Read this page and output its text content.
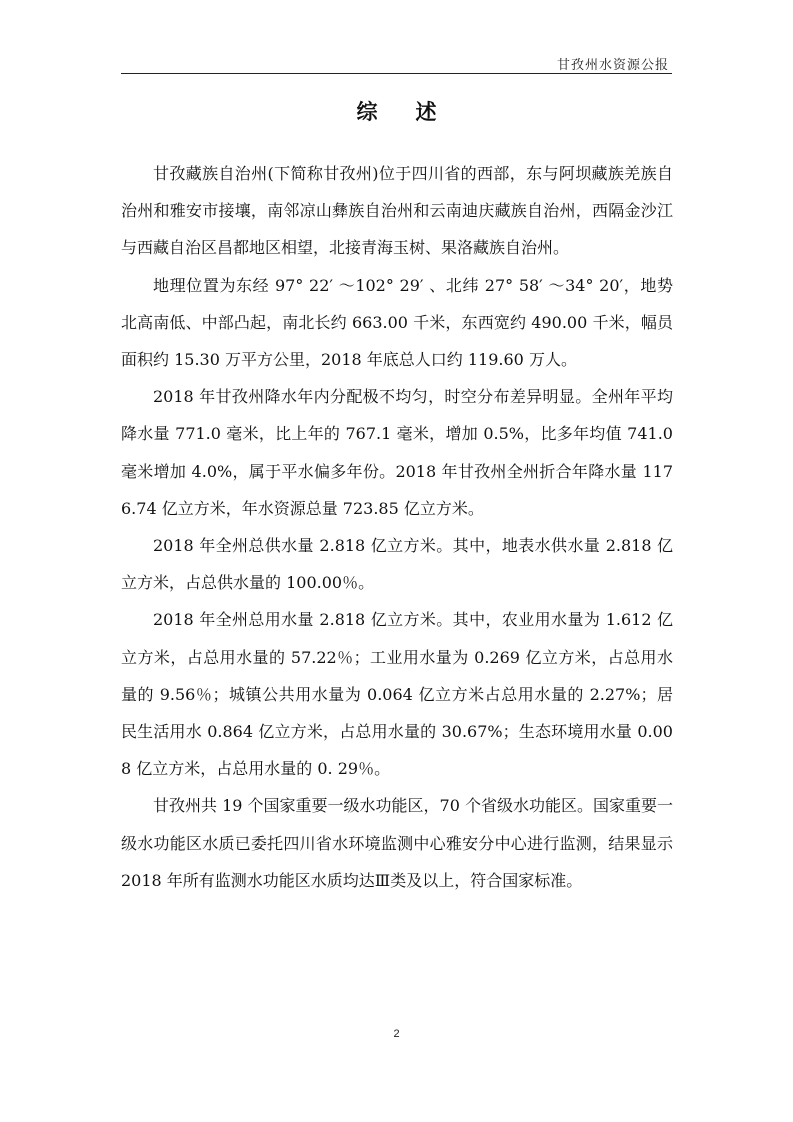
甘孜州水资源公报
综 述

甘孜藏族自治州(下简称甘孜州)位于四川省的西部，东与阿坝藏族羌族自治州和雅安市接壤，南邻凉山彝族自治州和云南迪庆藏族自治州，西隔金沙江与西藏自治区昌都地区相望，北接青海玉树、果洛藏族自治州。

地理位置为东经 97° 22′ ～102° 29′ 、北纬 27° 58′ ～34° 20′，地势北高南低、中部凸起，南北长约 663.00 千米，东西宽约 490.00 千米，幅员面积约 15.30 万平方公里，2018 年底总人口约 119.60 万人。

2018 年甘孜州降水年内分配极不均匀，时空分布差异明显。全州年平均降水量 771.0 毫米，比上年的 767.1 毫米，增加 0.5%，比多年均值 741.0 毫米增加 4.0%，属于平水偏多年份。2018 年甘孜州全州折合年降水量 1176.74 亿立方米，年水资源总量 723.85 亿立方米。

2018 年全州总供水量 2.818 亿立方米。其中，地表水供水量 2.818 亿立方米，占总供水量的 100.00％。

2018 年全州总用水量 2.818 亿立方米。其中，农业用水量为 1.612 亿立方米，占总用水量的 57.22％；工业用水量为 0.269 亿立方米，占总用水量的 9.56％；城镇公共用水量为 0.064 亿立方米占总用水量的 2.27%；居民生活用水 0.864 亿立方米，占总用水量的 30.67%；生态环境用水量 0.008 亿立方米，占总用水量的 0. 29％。

甘孜州共 19 个国家重要一级水功能区，70 个省级水功能区。国家重要一级水功能区水质已委托四川省水环境监测中心雅安分中心进行监测，结果显示 2018 年所有监测水功能区水质均达Ⅲ类及以上，符合国家标准。

2
